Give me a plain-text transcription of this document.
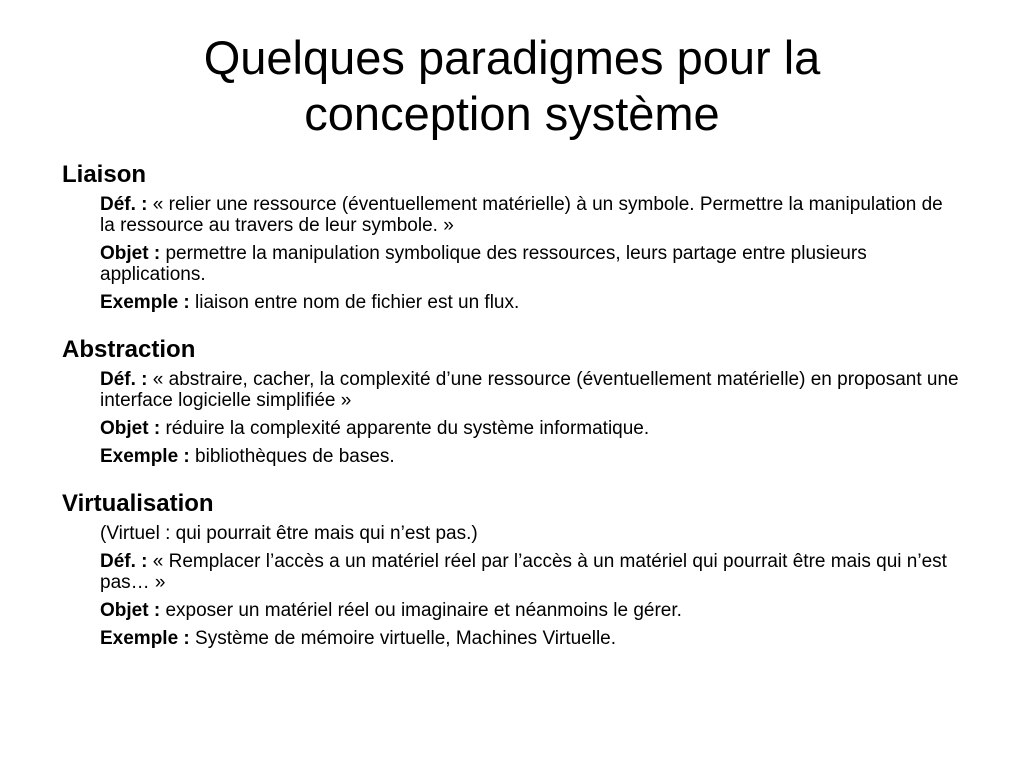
Quelques paradigmes pour la
conception système
Liaison
Déf. : « relier une ressource (éventuellement matérielle) à un symbole. Permettre la manipulation de la ressource au travers de leur symbole. »
Objet : permettre la manipulation symbolique des ressources, leurs partage entre plusieurs applications.
Exemple : liaison entre nom de fichier est un flux.
Abstraction
Déf. : « abstraire, cacher, la complexité d’une ressource (éventuellement matérielle) en proposant une interface logicielle simplifiée »
Objet : réduire la complexité apparente du système informatique.
Exemple : bibliothèques de bases.
Virtualisation
(Virtuel : qui pourrait être mais qui n’est pas.)
Déf. : « Remplacer l’accès a un matériel réel par l’accès à un matériel qui pourrait être mais qui n’est pas… »
Objet : exposer un matériel réel ou imaginaire et néanmoins le gérer.
Exemple : Système de mémoire virtuelle, Machines Virtuelle.
